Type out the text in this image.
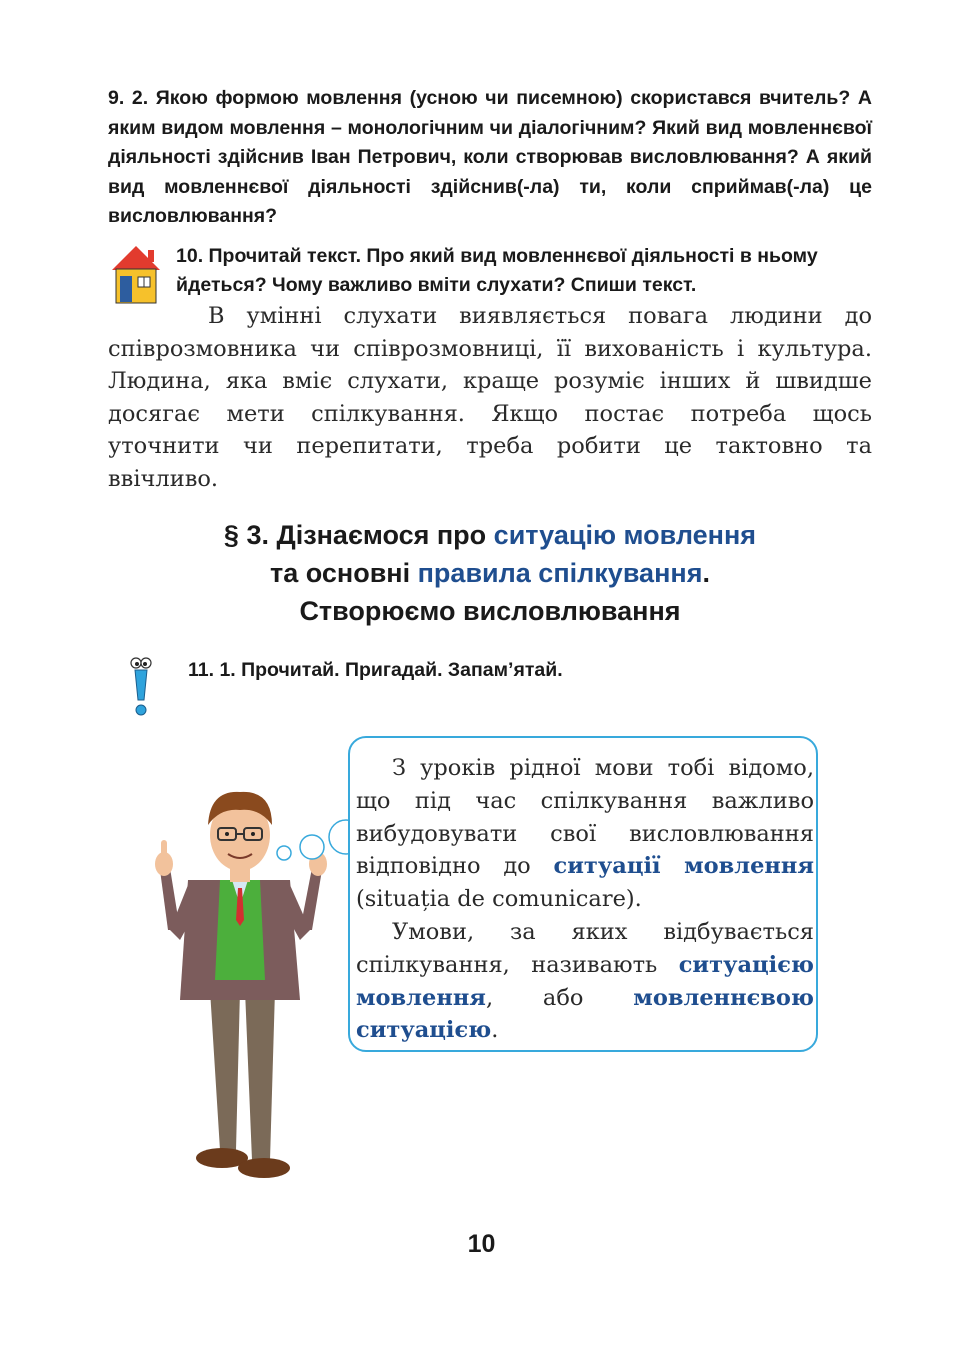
9. 2. Якою формою мовлення (усною чи писемною) скористався вчитель? А яким видом мовлення – монологічним чи діалогічним? Який вид мовленнєвої діяльності здійснив Іван Петрович, коли створював висловлювання? А який вид мовленнєвої діяльності здійснив(-ла) ти, коли сприймав(-ла) це висловлювання?

10. Прочитай текст. Про який вид мовленнєвої діяльності в ньому йдеться? Чому важливо вміти слухати? Спиши текст.

В умінні слухати виявляється повага людини до співрозмовника чи співрозмовниці, її вихованість і культура. Людина, яка вміє слухати, краще розуміє інших й швидше досягає мети спілкування. Якщо постає потреба щось уточнити чи перепитати, треба робити це тактовно та ввічливо.

§ 3. Дізнаємося про ситуацію мовлення
та основні правила спілкування.
Створюємо висловлювання
11. 1. Прочитай. Пригадай. Запам’ятай.

З уроків рідної мови тобі відомо, що під час спілкування важливо вибудовувати свої висловлювання відповідно до ситуації мовлення (situația de comunicare).

Умови, за яких відбувається спілкування, називають ситуацією мовлення, або мовленнєвою ситуацією.

10
